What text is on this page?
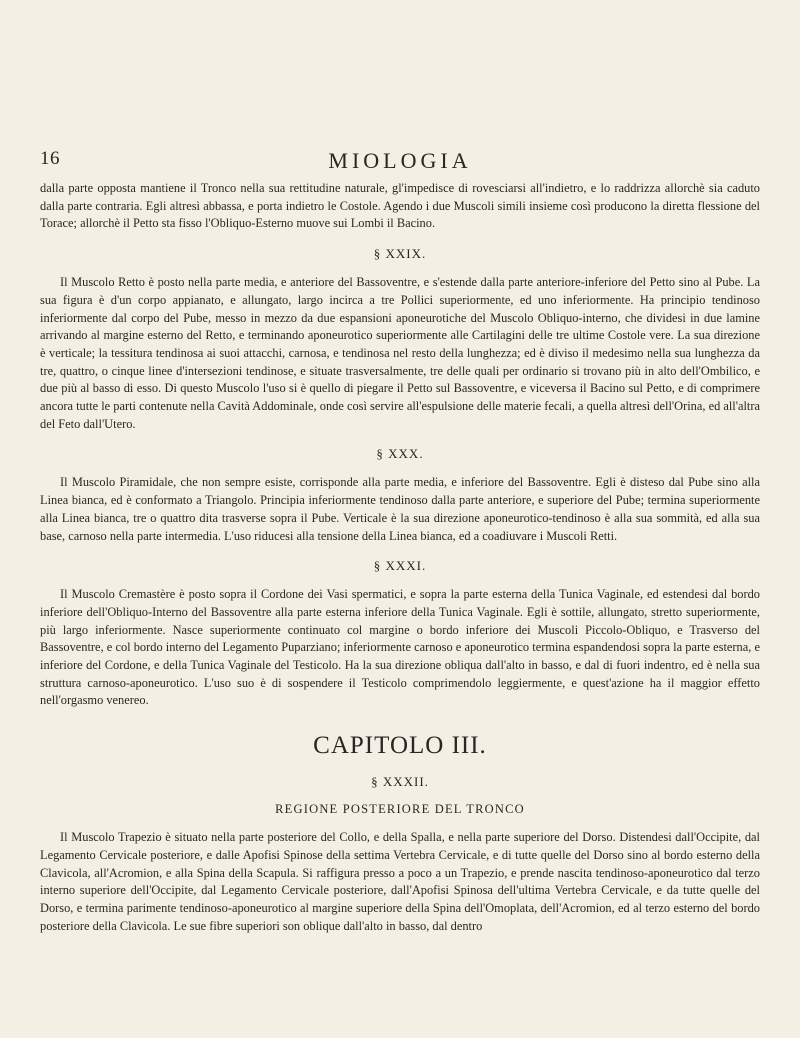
16	MIOLOGIA

dalla parte opposta mantiene il Tronco nella sua rettitudine naturale, gl'impedisce di rovesciarsi all'indietro, e lo raddrizza allorchè sia caduto dalla parte contraria. Egli altresì abbassa, e porta indietro le Costole. Agendo i due Muscoli simili insieme così producono la diretta flessione del Torace; allorchè il Petto sta fisso l'Obliquo-Esterno muove sui Lombi il Bacino.

§ XXIX.

Il Muscolo Retto è posto nella parte media, e anteriore del Bassoventre, e s'estende dalla parte anteriore-inferiore del Petto sino al Pube. La sua figura è d'un corpo appianato, e allungato, largo incirca a tre Pollici superiormente, ed uno inferiormente. Ha principio tendinoso inferiormente dal corpo del Pube, messo in mezzo da due espansioni aponeurotiche del Muscolo Obliquo-interno, che dividesi in due lamine arrivando al margine esterno del Retto, e terminando aponeurotico superiormente alle Cartilagini delle tre ultime Costole vere. La sua direzione è verticale; la tessitura tendinosa ai suoi attacchi, carnosa, e tendinosa nel resto della lunghezza; ed è diviso il medesimo nella sua lunghezza da tre, quattro, o cinque linee d'intersezioni tendinose, e situate trasversalmente, tre delle quali per ordinario si trovano più in alto dell'Ombilico, e due più al basso di esso. Di questo Muscolo l'uso si è quello di piegare il Petto sul Bassoventre, e viceversa il Bacino sul Petto, e di comprimere ancora tutte le parti contenute nella Cavità Addominale, onde così servire all'espulsione delle materie fecali, a quella altresì dell'Orina, ed all'altra del Feto dall'Utero.

§ XXX.

Il Muscolo Piramidale, che non sempre esiste, corrisponde alla parte media, e inferiore del Bassoventre. Egli è disteso dal Pube sino alla Linea bianca, ed è conformato a Triangolo. Principia inferiormente tendinoso dalla parte anteriore, e superiore del Pube; termina superiormente alla Linea bianca, tre o quattro dita trasverse sopra il Pube. Verticale è la sua direzione aponeurotico-tendinoso è alla sua sommità, ed alla sua base, carnoso nella parte intermedia. L'uso riducesi alla tensione della Linea bianca, ed a coadiuvare i Muscoli Retti.

§ XXXI.

Il Muscolo Cremastère è posto sopra il Cordone dei Vasi spermatici, e sopra la parte esterna della Tunica Vaginale, ed estendesi dal bordo inferiore dell'Obliquo-Interno del Bassoventre alla parte esterna inferiore della Tunica Vaginale. Egli è sottile, allungato, stretto superiormente, più largo inferiormente. Nasce superiormente continuato col margine o bordo inferiore dei Muscoli Piccolo-Obliquo, e Trasverso del Bassoventre, e col bordo interno del Legamento Puparziano; inferiormente carnoso e aponeurotico termina espandendosi sopra la parte esterna, e inferiore del Cordone, e della Tunica Vaginale del Testicolo. Ha la sua direzione obliqua dall'alto in basso, e dal di fuori indentro, ed è nella sua struttura carnoso-aponeurotico. L'uso suo è di sospendere il Testicolo comprimendolo leggiermente, e quest'azione ha il maggior effetto nell'orgasmo venereo.

CAPITOLO III.
§ XXXII.
REGIONE POSTERIORE DEL TRONCO

Il Muscolo Trapezio è situato nella parte posteriore del Collo, e della Spalla, e nella parte superiore del Dorso. Distendesi dall'Occipite, dal Legamento Cervicale posteriore, e dalle Apofisi Spinose della settima Vertebra Cervicale, e di tutte quelle del Dorso sino al bordo esterno della Clavicola, all'Acromion, e alla Spina della Scapula. Si raffigura presso a poco a un Trapezio, e prende nascita tendinoso-aponeurotico dal terzo interno superiore dell'Occipite, dal Legamento Cervicale posteriore, dall'Apofisi Spinosa dell'ultima Vertebra Cervicale, e da tutte quelle del Dorso, e termina parimente tendinoso-aponeurotico al margine superiore della Spina dell'Omoplata, dell'Acromion, ed al terzo esterno del bordo posteriore della Clavicola. Le sue fibre superiori son oblique dall'alto in basso, dal dentro
